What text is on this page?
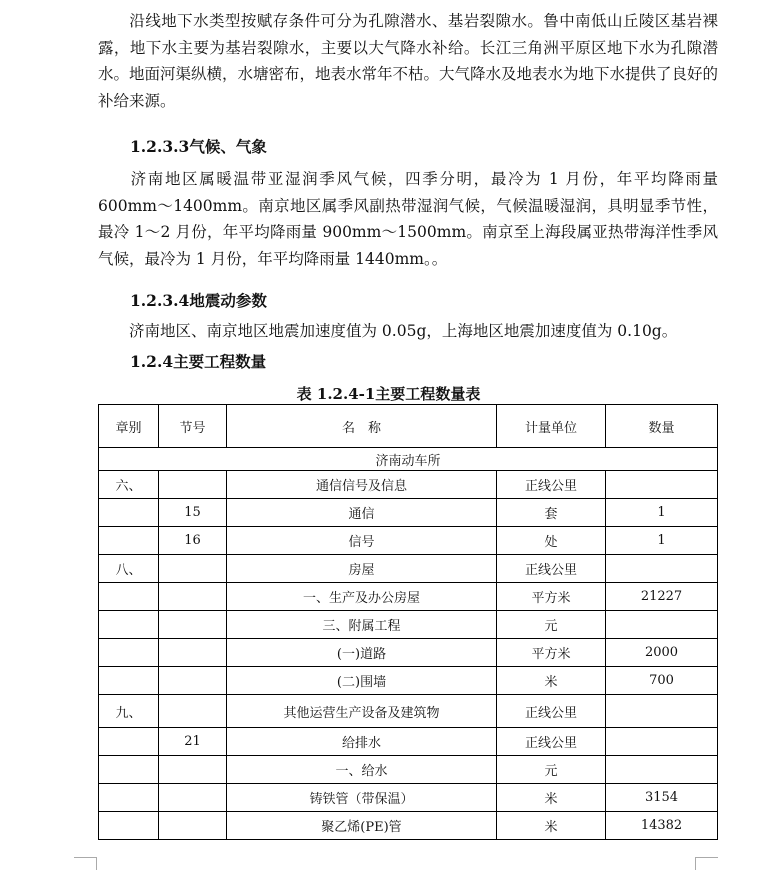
沿线地下水类型按赋存条件可分为孔隙潜水、基岩裂隙水。鲁中南低山丘陵区基岩裸露，地下水主要为基岩裂隙水，主要以大气降水补给。长江三角洲平原区地下水为孔隙潜水。地面河渠纵横，水塘密布，地表水常年不枯。大气降水及地表水为地下水提供了良好的补给来源。

1.2.3.3气候、气象

济南地区属暖温带亚湿润季风气候，四季分明，最冷为 1 月份，年平均降雨量 600mm～1400mm。南京地区属季风副热带湿润气候，气候温暖湿润，具明显季节性，最冷 1～2 月份，年平均降雨量 900mm～1500mm。南京至上海段属亚热带海洋性季风气候，最冷为 1 月份，年平均降雨量 1440mm。。

1.2.3.4地震动参数

济南地区、南京地区地震加速度值为 0.05g，上海地区地震加速度值为 0.10g。

1.2.4主要工程数量

表 1.2.4-1主要工程数量表
章别	节号	名　称	计量单位	数量
济南动车所				
六、		通信信号及信息	正线公里	
	15	通信	套	1
	16	信号	处	1
八、		房屋	正线公里	
		一、生产及办公房屋	平方米	21227
		三、附属工程	元	
		(一)道路	平方米	2000
		(二)围墙	米	700
九、		其他运营生产设备及建筑物	正线公里	
	21	给排水	正线公里	
		一、给水	元	
		铸铁管（带保温）	米	3154
		聚乙烯(PE)管	米	14382
